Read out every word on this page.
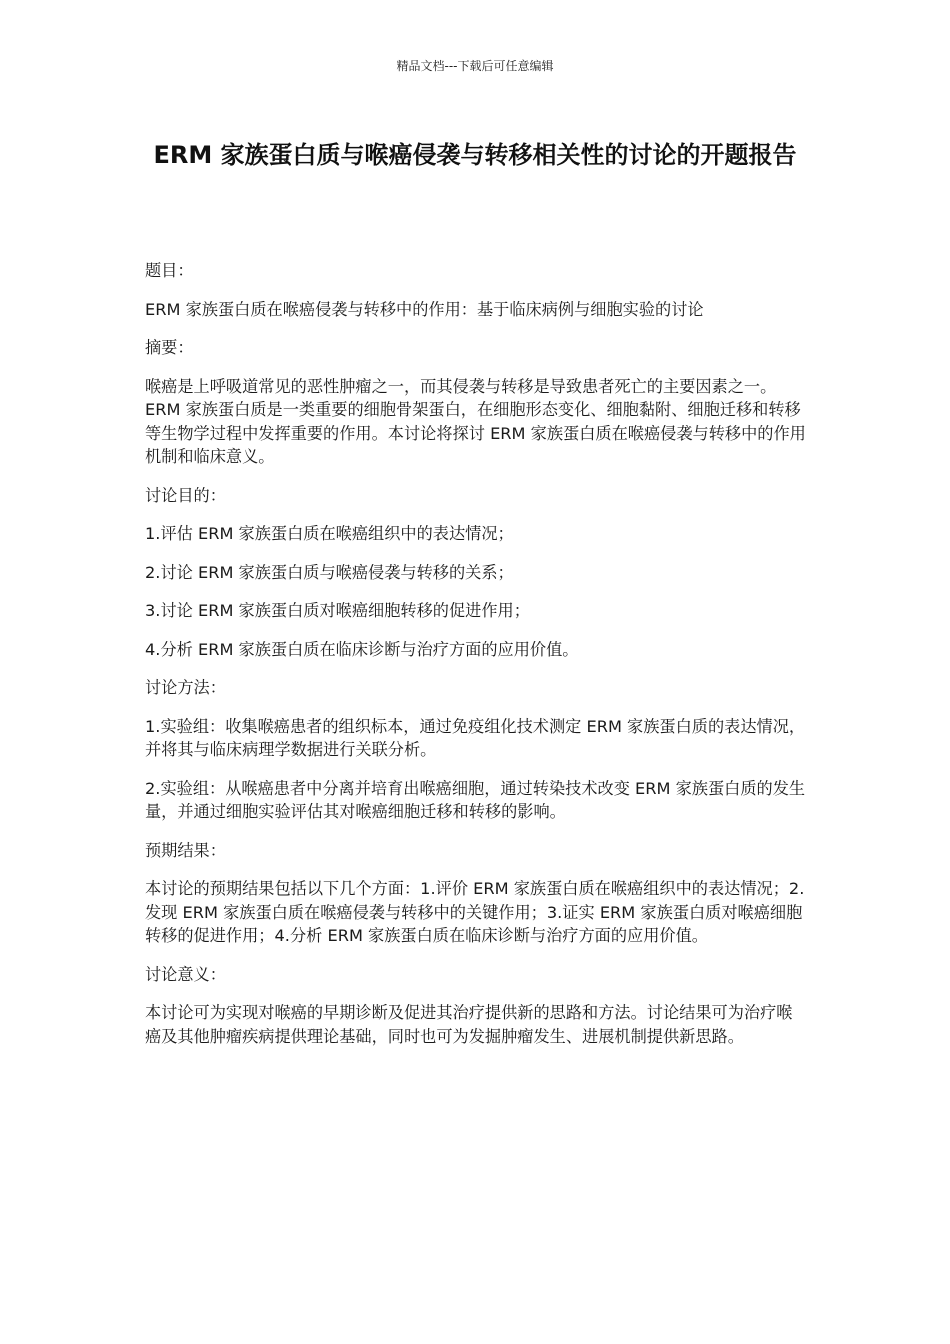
精品文档---下载后可任意编辑
ERM 家族蛋白质与喉癌侵袭与转移相关性的讨论的开题报告

题目：

ERM 家族蛋白质在喉癌侵袭与转移中的作用：基于临床病例与细胞实验的讨论

摘要：

喉癌是上呼吸道常见的恶性肿瘤之一，而其侵袭与转移是导致患者死亡的主要因素之一。ERM 家族蛋白质是一类重要的细胞骨架蛋白，在细胞形态变化、细胞黏附、细胞迁移和转移等生物学过程中发挥重要的作用。本讨论将探讨 ERM 家族蛋白质在喉癌侵袭与转移中的作用机制和临床意义。

讨论目的：

1.评估 ERM 家族蛋白质在喉癌组织中的表达情况；

2.讨论 ERM 家族蛋白质与喉癌侵袭与转移的关系；

3.讨论 ERM 家族蛋白质对喉癌细胞转移的促进作用；

4.分析 ERM 家族蛋白质在临床诊断与治疗方面的应用价值。

讨论方法：

1.实验组：收集喉癌患者的组织标本，通过免疫组化技术测定 ERM 家族蛋白质的表达情况，并将其与临床病理学数据进行关联分析。

2.实验组：从喉癌患者中分离并培育出喉癌细胞，通过转染技术改变 ERM 家族蛋白质的发生量，并通过细胞实验评估其对喉癌细胞迁移和转移的影响。

预期结果：

本讨论的预期结果包括以下几个方面：1.评价 ERM 家族蛋白质在喉癌组织中的表达情况；2.发现 ERM 家族蛋白质在喉癌侵袭与转移中的关键作用；3.证实 ERM 家族蛋白质对喉癌细胞转移的促进作用；4.分析 ERM 家族蛋白质在临床诊断与治疗方面的应用价值。

讨论意义：

本讨论可为实现对喉癌的早期诊断及促进其治疗提供新的思路和方法。讨论结果可为治疗喉癌及其他肿瘤疾病提供理论基础，同时也可为发掘肿瘤发生、进展机制提供新思路。
